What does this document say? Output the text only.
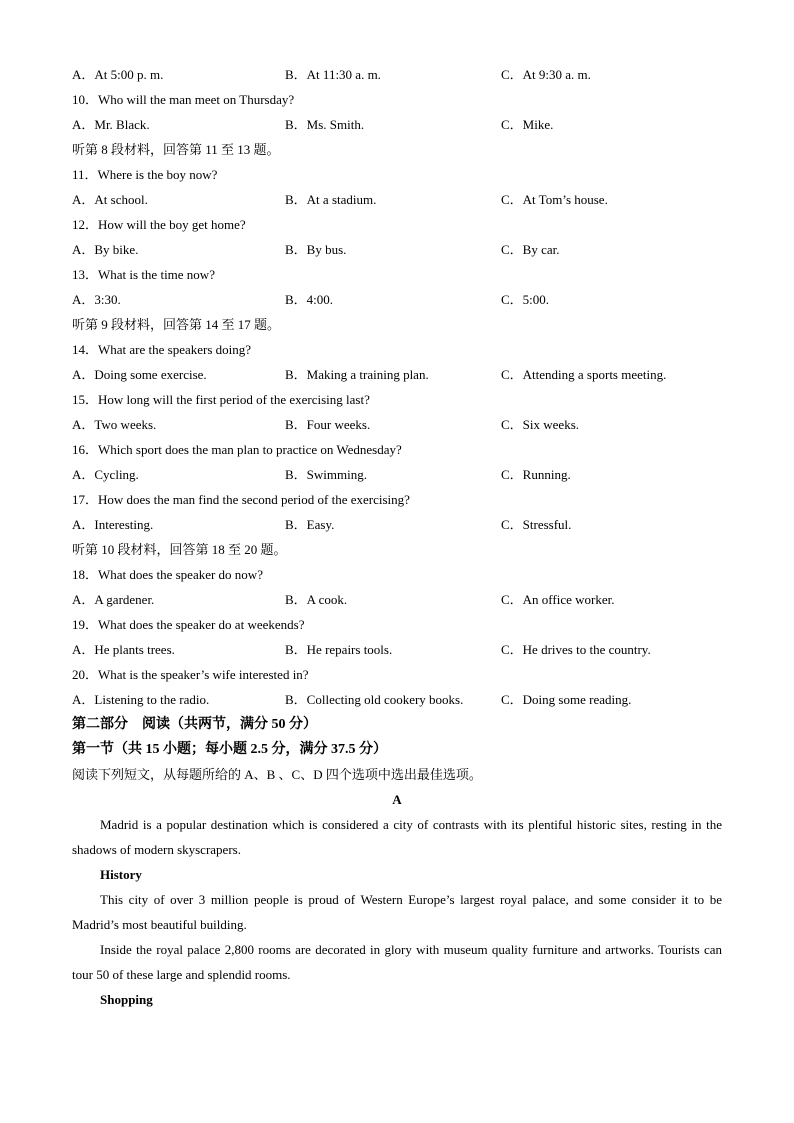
A．At 5:00 p. m.	B．At 11:30 a. m.	C．At 9:30 a. m.
10．Who will the man meet on Thursday?
A．Mr. Black.	B．Ms. Smith.	C．Mike.
听第 8 段材料，回答第 11 至 13 题。
11．Where is the boy now?
A．At school.	B．At a stadium.	C．At Tom’s house.
12．How will the boy get home?
A．By bike.	B．By bus.	C．By car.
13．What is the time now?
A．3:30.	B．4:00.	C．5:00.
听第 9 段材料，回答第 14 至 17 题。
14．What are the speakers doing?
A．Doing some exercise.	B．Making a training plan.	C．Attending a sports meeting.
15．How long will the first period of the exercising last?
A．Two weeks.	B．Four weeks.	C．Six weeks.
16．Which sport does the man plan to practice on Wednesday?
A．Cycling.	B．Swimming.	C．Running.
17．How does the man find the second period of the exercising?
A．Interesting.	B．Easy.	C．Stressful.
听第 10 段材料，回答第 18 至 20 题。
18．What does the speaker do now?
A．A gardener.	B．A cook.	C．An office worker.
19．What does the speaker do at weekends?
A．He plants trees.	B．He repairs tools.	C．He drives to the country.
20．What is the speaker’s wife interested in?
A．Listening to the radio.	B．Collecting old cookery books.	C．Doing some reading.
第二部分　阅读（共两节，满分 50 分）
第一节（共 15 小题；每小题 2.5 分，满分 37.5 分）
阅读下列短文，从每题所给的 A、B 、C、D 四个选项中选出最佳选项。
A
Madrid is a popular destination which is considered a city of contrasts with its plentiful historic sites, resting in the shadows of modern skyscrapers.
History
This city of over 3 million people is proud of Western Europe’s largest royal palace, and some consider it to be Madrid’s most beautiful building.
Inside the royal palace 2,800 rooms are decorated in glory with museum quality furniture and artworks. Tourists can tour 50 of these large and splendid rooms.
Shopping
